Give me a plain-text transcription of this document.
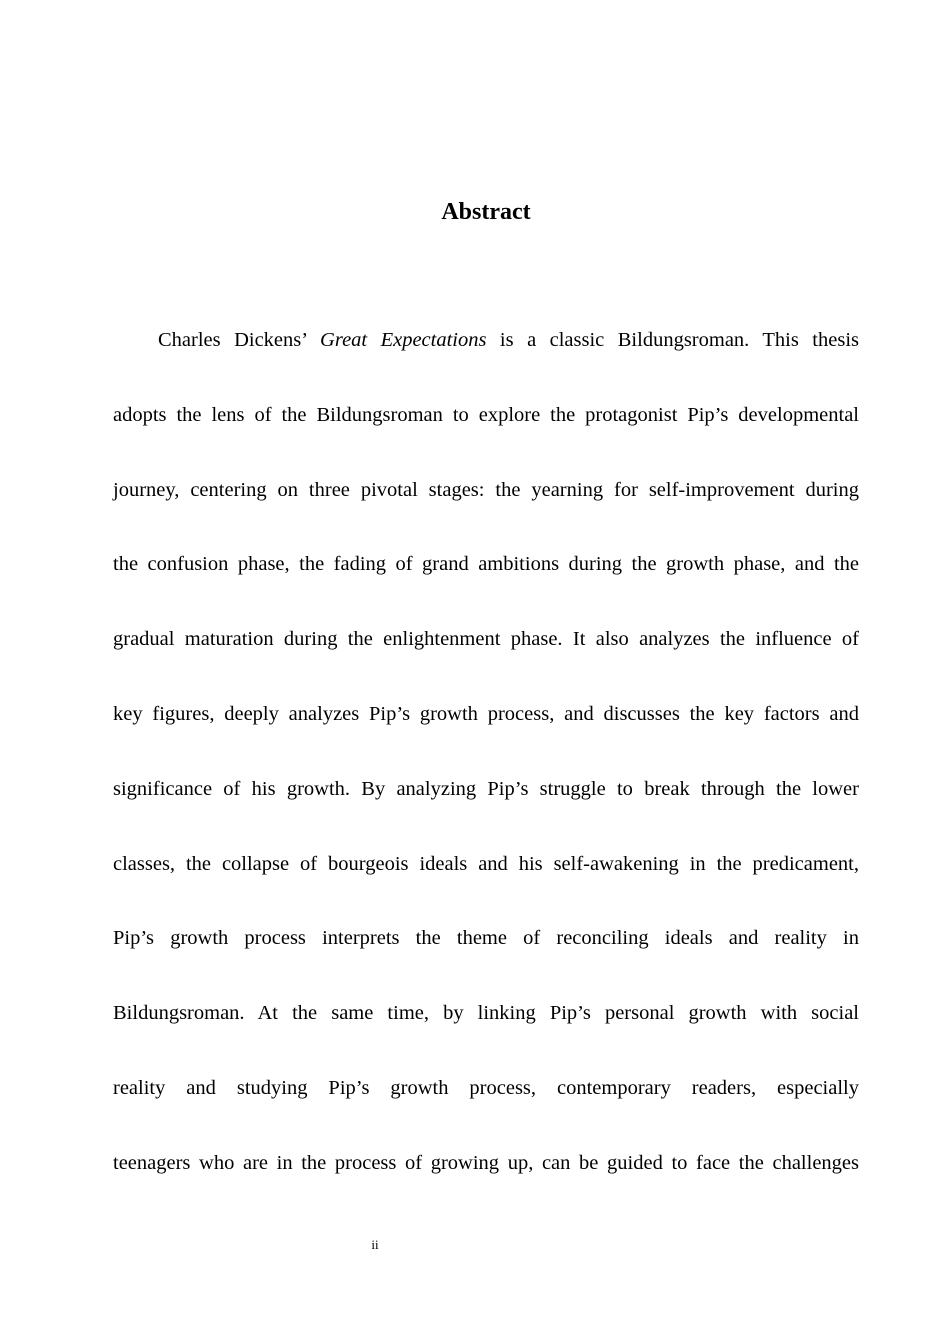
Abstract
Charles Dickens’ Great Expectations is a classic Bildungsroman. This thesis
adopts the lens of the Bildungsroman to explore the protagonist Pip’s developmental
journey, centering on three pivotal stages: the yearning for self-improvement during
the confusion phase, the fading of grand ambitions during the growth phase, and the
gradual maturation during the enlightenment phase. It also analyzes the influence of
key figures, deeply analyzes Pip’s growth process, and discusses the key factors and
significance of his growth. By analyzing Pip’s struggle to break through the lower
classes, the collapse of bourgeois ideals and his self-awakening in the predicament,
Pip’s growth process interprets the theme of reconciling ideals and reality in
Bildungsroman. At the same time, by linking Pip’s personal growth with social
reality and studying Pip’s growth process, contemporary readers, especially
teenagers who are in the process of growing up, can be guided to face the challenges
ii
